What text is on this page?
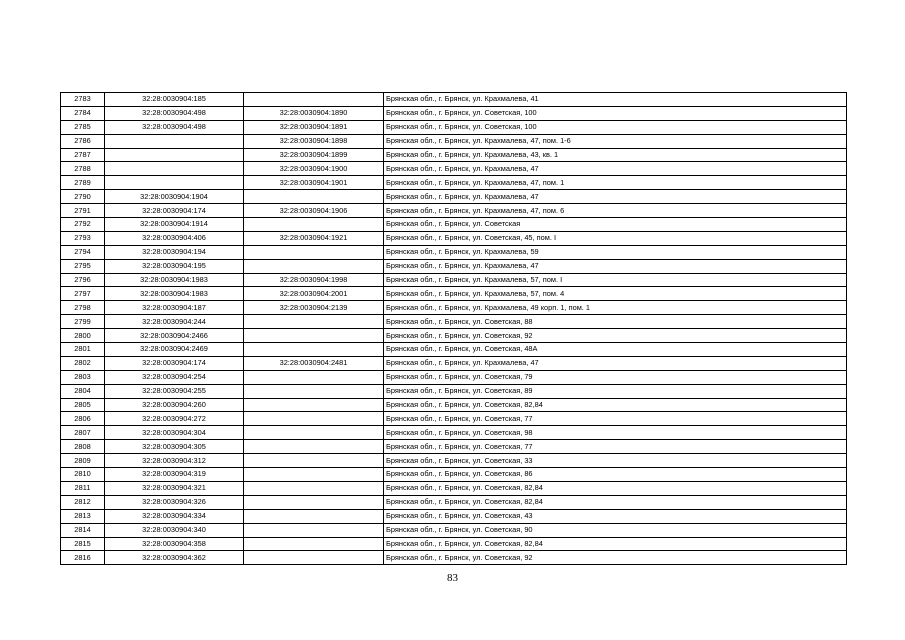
2783	32:28:0030904:185		Брянская обл., г. Брянск, ул. Крахмалева, 41
2784	32:28:0030904:498	32:28:0030904:1890	Брянская обл., г. Брянск, ул. Советская, 100
2785	32:28:0030904:498	32:28:0030904:1891	Брянская обл., г. Брянск, ул. Советская, 100
2786		32:28:0030904:1898	Брянская обл., г. Брянск, ул. Крахмалева, 47, пом. 1-6
2787		32:28:0030904:1899	Брянская обл., г. Брянск, ул. Крахмалева, 43, кв. 1
2788		32:28:0030904:1900	Брянская обл., г. Брянск, ул. Крахмалева, 47
2789		32:28:0030904:1901	Брянская обл., г. Брянск, ул. Крахмалева, 47, пом. 1
2790	32:28:0030904:1904		Брянская обл., г. Брянск, ул. Крахмалева, 47
2791	32:28:0030904:174	32:28:0030904:1906	Брянская обл., г. Брянск, ул. Крахмалева, 47, пом. 6
2792	32:28:0030904:1914		Брянская обл., г. Брянск, ул. Советская
2793	32:28:0030904:406	32:28:0030904:1921	Брянская обл., г. Брянск, ул. Советская, 45, пом. I
2794	32:28:0030904:194		Брянская обл., г. Брянск, ул. Крахмалева, 59
2795	32:28:0030904:195		Брянская обл., г. Брянск, ул. Крахмалева, 47
2796	32:28:0030904:1983	32:28:0030904:1998	Брянская обл., г. Брянск, ул. Крахмалева, 57, пом. I
2797	32:28:0030904:1983	32:28:0030904:2001	Брянская обл., г. Брянск, ул. Крахмалева, 57, пом. 4
2798	32:28:0030904:187	32:28:0030904:2139	Брянская обл., г. Брянск, ул. Крахмалева, 49 корп. 1, пом. 1
2799	32:28:0030904:244		Брянская обл., г. Брянск, ул. Советская, 88
2800	32:28:0030904:2466		Брянская обл., г. Брянск, ул. Советская, 92
2801	32:28:0030904:2469		Брянская обл., г. Брянск, ул. Советская, 48А
2802	32:28:0030904:174	32:28:0030904:2481	Брянская обл., г. Брянск, ул. Крахмалева, 47
2803	32:28:0030904:254		Брянская обл., г. Брянск, ул. Советская, 79
2804	32:28:0030904:255		Брянская обл., г. Брянск, ул. Советская, 89
2805	32:28:0030904:260		Брянская обл., г. Брянск, ул. Советская, 82,84
2806	32:28:0030904:272		Брянская обл., г. Брянск, ул. Советская, 77
2807	32:28:0030904:304		Брянская обл., г. Брянск, ул. Советская, 98
2808	32:28:0030904:305		Брянская обл., г. Брянск, ул. Советская, 77
2809	32:28:0030904:312		Брянская обл., г. Брянск, ул. Советская, 33
2810	32:28:0030904:319		Брянская обл., г. Брянск, ул. Советская, 86
2811	32:28:0030904:321		Брянская обл., г. Брянск, ул. Советская, 82,84
2812	32:28:0030904:326		Брянская обл., г. Брянск, ул. Советская, 82,84
2813	32:28:0030904:334		Брянская обл., г. Брянск, ул. Советская, 43
2814	32:28:0030904:340		Брянская обл., г. Брянск, ул. Советская, 90
2815	32:28:0030904:358		Брянская обл., г. Брянск, ул. Советская, 82,84
2816	32:28:0030904:362		Брянская обл., г. Брянск, ул. Советская, 92
83
